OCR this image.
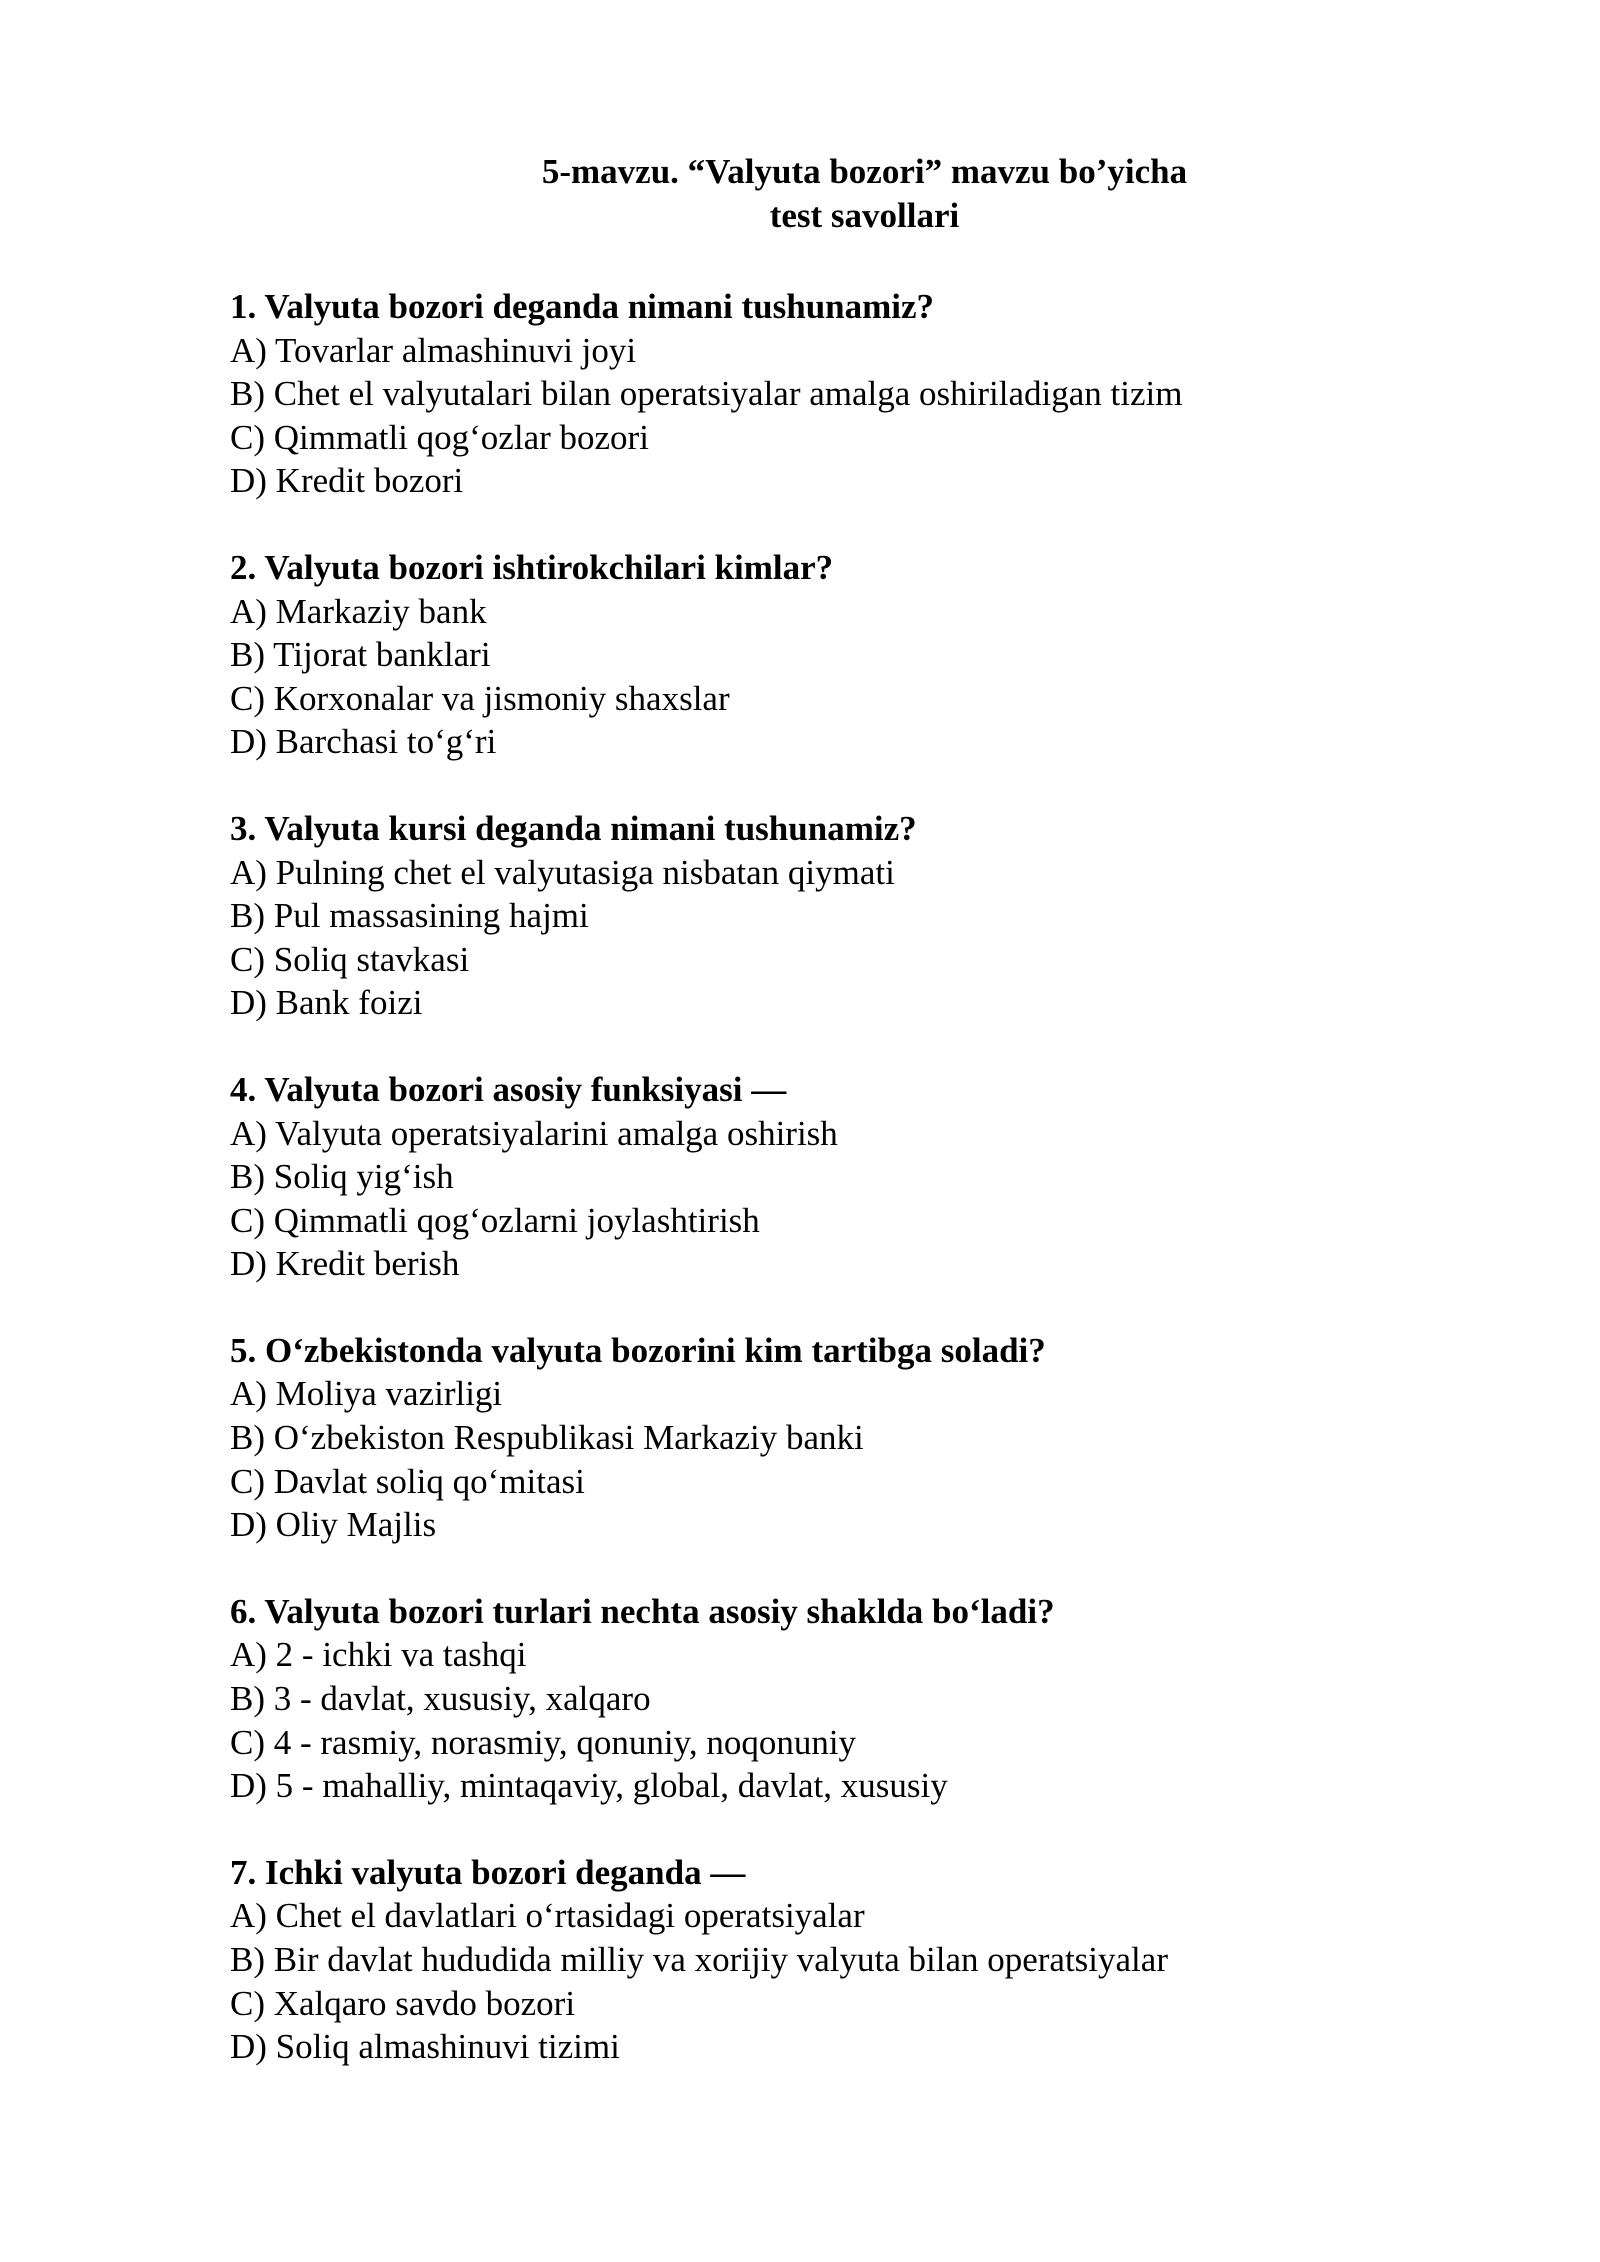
5-mavzu. “Valyuta bozori” mavzu bo’yicha
test savollari
1. Valyuta bozori deganda nimani tushunamiz?
A) Tovarlar almashinuvi joyi
B) Chet el valyutalari bilan operatsiyalar amalga oshiriladigan tizim
C) Qimmatli qog‘ozlar bozori
D) Kredit bozori
2. Valyuta bozori ishtirokchilari kimlar?
A) Markaziy bank
B) Tijorat banklari
C) Korxonalar va jismoniy shaxslar
D) Barchasi to‘g‘ri
3. Valyuta kursi deganda nimani tushunamiz?
A) Pulning chet el valyutasiga nisbatan qiymati
B) Pul massasining hajmi
C) Soliq stavkasi
D) Bank foizi
4. Valyuta bozori asosiy funksiyasi —
A) Valyuta operatsiyalarini amalga oshirish
B) Soliq yig‘ish
C) Qimmatli qog‘ozlarni joylashtirish
D) Kredit berish
5. O‘zbekistonda valyuta bozorini kim tartibga soladi?
A) Moliya vazirligi
B) O‘zbekiston Respublikasi Markaziy banki
C) Davlat soliq qo‘mitasi
D) Oliy Majlis
6. Valyuta bozori turlari nechta asosiy shaklda bo‘ladi?
A) 2 - ichki va tashqi
B) 3 - davlat, xususiy, xalqaro
C) 4 - rasmiy, norasmiy, qonuniy, noqonuniy
D) 5 - mahalliy, mintaqaviy, global, davlat, xususiy
7. Ichki valyuta bozori deganda —
A) Chet el davlatlari o‘rtasidagi operatsiyalar
B) Bir davlat hududida milliy va xorijiy valyuta bilan operatsiyalar
C) Xalqaro savdo bozori
D) Soliq almashinuvi tizimi
